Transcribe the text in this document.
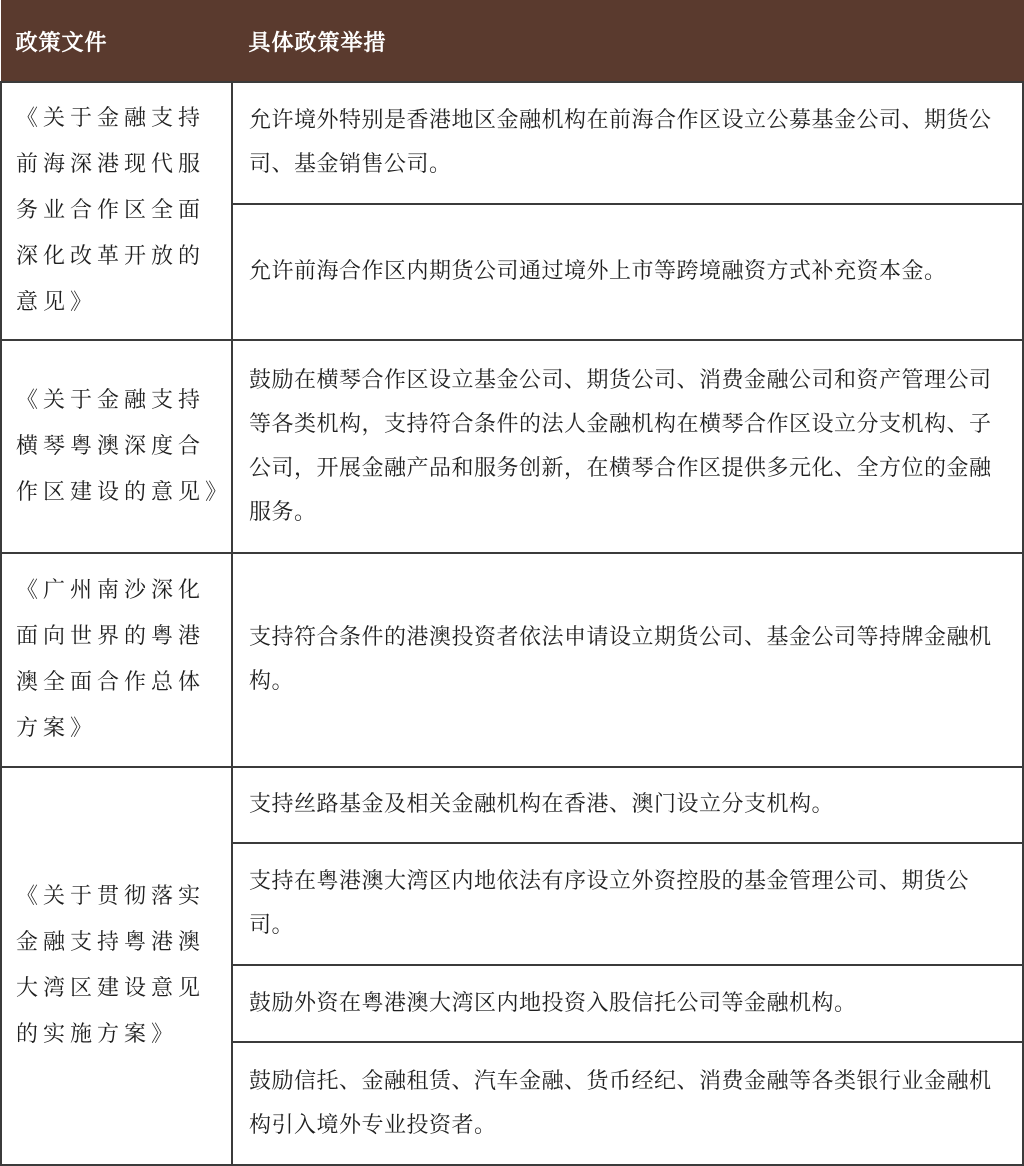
政策文件	具体政策举措
《关于金融支持前海深港现代服务业合作区全面深化改革开放的意见》	允许境外特别是香港地区金融机构在前海合作区设立公募基金公司、期货公司、基金销售公司。
	允许前海合作区内期货公司通过境外上市等跨境融资方式补充资本金。
《关于金融支持横琴粤澳深度合作区建设的意见》	鼓励在横琴合作区设立基金公司、期货公司、消费金融公司和资产管理公司等各类机构，支持符合条件的法人金融机构在横琴合作区设立分支机构、子公司，开展金融产品和服务创新，在横琴合作区提供多元化、全方位的金融服务。
《广州南沙深化面向世界的粤港澳全面合作总体方案》	支持符合条件的港澳投资者依法申请设立期货公司、基金公司等持牌金融机构。
《关于贯彻落实金融支持粤港澳大湾区建设意见的实施方案》	支持丝路基金及相关金融机构在香港、澳门设立分支机构。
	支持在粤港澳大湾区内地依法有序设立外资控股的基金管理公司、期货公司。
	鼓励外资在粤港澳大湾区内地投资入股信托公司等金融机构。
	鼓励信托、金融租赁、汽车金融、货币经纪、消费金融等各类银行业金融机构引入境外专业投资者。
